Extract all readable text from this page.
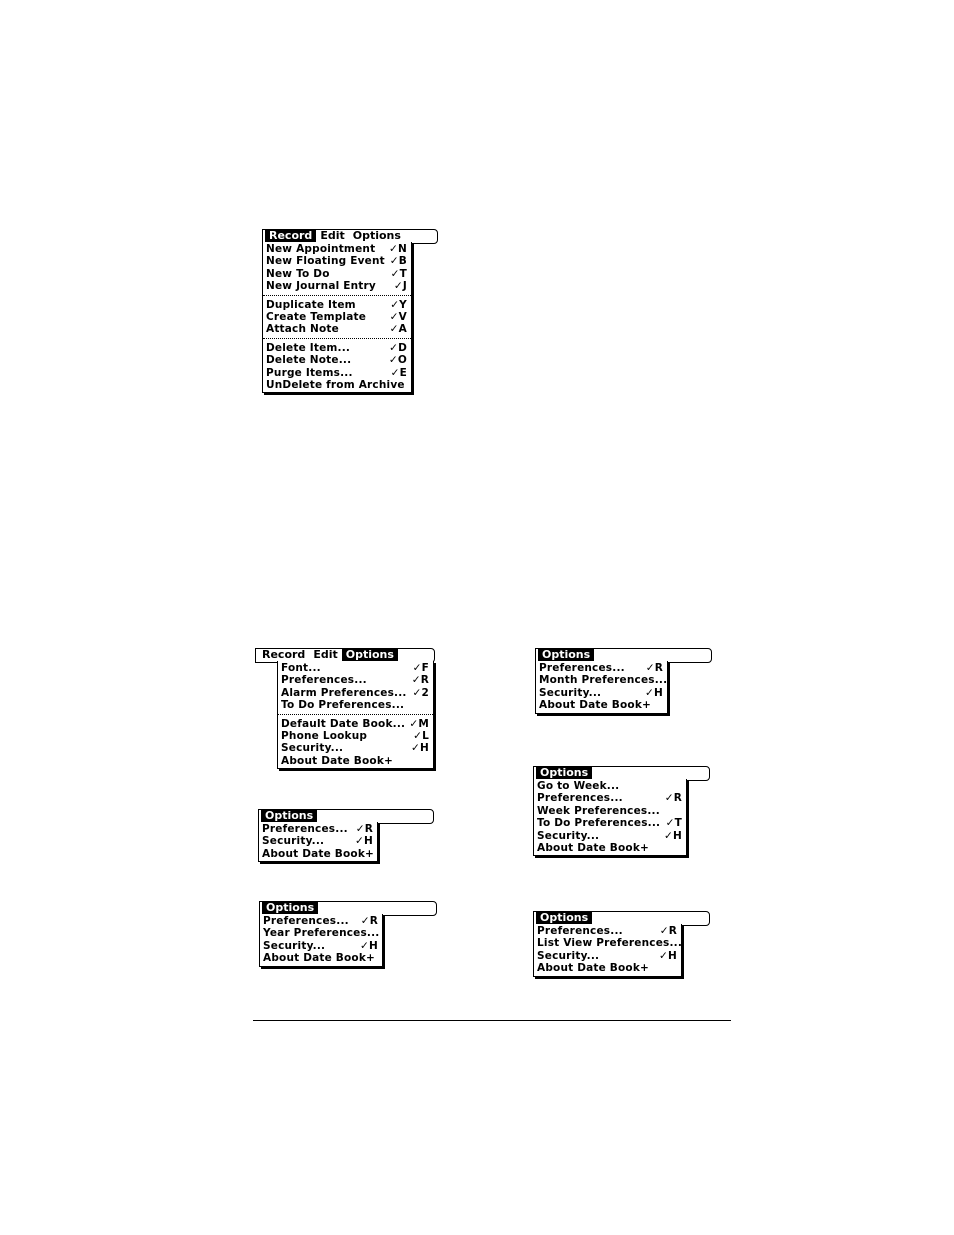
Record Edit Options
New Appointment ✓N
New Floating Event ✓B
New To Do	✓T
New Journal Entry ✓J
Duplicate Item	✓Y
Create Template ✓V
Attach Note	✓A
Delete Item...	✓D
Delete Note...	✓O
Purge Items...	✓E
UnDelete from Archive
Record Edit Options
Font...	✓F
Preferences...	✓R
Alarm Preferences... ✓2
To Do Preferences...
Default Date Book... ✓M
Phone Lookup	✓L
Security...	✓H
About Date Book+
Options
Preferences... ✓R
Security...	✓H
About Date Book+
Options
Preferences... ✓R
Year Preferences...
Security...	✓H
About Date Book+
Options
Preferences... ✓R
Month Preferences...
Security...	✓H
About Date Book+
Options
Go to Week...
Preferences...	✓R
Week Preferences...
To Do Preferences... ✓T
Security...	✓H
About Date Book+
Options
Preferences...	✓R
List View Preferences...
Security...	✓H
About Date Book+
